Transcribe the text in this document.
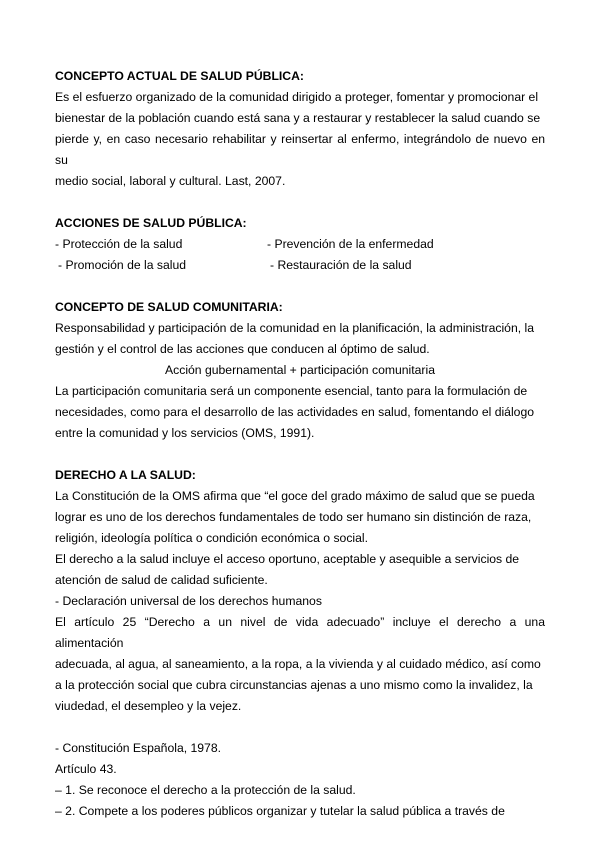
CONCEPTO ACTUAL DE SALUD PÚBLICA:

Es el esfuerzo organizado de la comunidad dirigido a proteger, fomentar y promocionar el

bienestar de la población cuando está sana y a restaurar y restablecer la salud cuando se

pierde y, en caso necesario rehabilitar y reinsertar al enfermo, integrándolo de nuevo en su

medio social, laboral y cultural. Last, 2007.

ACCIONES DE SALUD PÚBLICA:

- Protección de la salud	- Prevención de la enfermedad
- Promoción de la salud	- Restauración de la salud

CONCEPTO DE SALUD COMUNITARIA:

Responsabilidad y participación de la comunidad en la planificación, la administración, la

gestión y el control de las acciones que conducen al óptimo de salud.

Acción gubernamental + participación comunitaria

La participación comunitaria será un componente esencial, tanto para la formulación de

necesidades, como para el desarrollo de las actividades en salud, fomentando el diálogo

entre la comunidad y los servicios (OMS, 1991).

DERECHO A LA SALUD:

La Constitución de la OMS afirma que “el goce del grado máximo de salud que se pueda

lograr es uno de los derechos fundamentales de todo ser humano sin distinción de raza,

religión, ideología política o condición económica o social.

El derecho a la salud incluye el acceso oportuno, aceptable y asequible a servicios de

atención de salud de calidad suficiente.

- Declaración universal de los derechos humanos

El artículo 25 “Derecho a un nivel de vida adecuado” incluye el derecho a una alimentación

adecuada, al agua, al saneamiento, a la ropa, a la vivienda y al cuidado médico, así como

a la protección social que cubra circunstancias ajenas a uno mismo como la invalidez, la

viudedad, el desempleo y la vejez.

- Constitución Española, 1978.

Artículo 43.

– 1. Se reconoce el derecho a la protección de la salud.

– 2. Compete a los poderes públicos organizar y tutelar la salud pública a través de
